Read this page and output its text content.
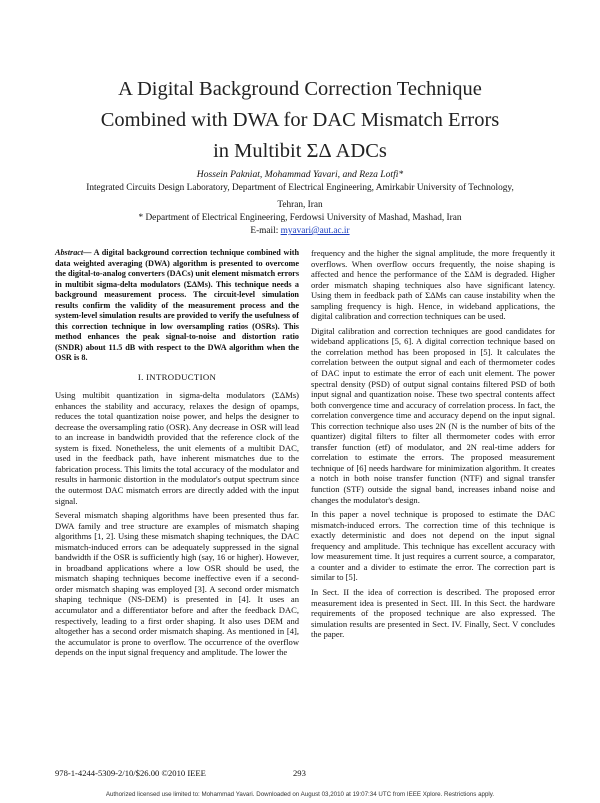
A Digital Background Correction Technique
Combined with DWA for DAC Mismatch Errors
in Multibit ΣΔ ADCs
Hossein Pakniat, Mohammad Yavari, and Reza Lotfi*
Integrated Circuits Design Laboratory, Department of Electrical Engineering, Amirkabir University of Technology,
Tehran, Iran
* Department of Electrical Engineering, Ferdowsi University of Mashad, Mashad, Iran
E-mail: myavari@aut.ac.ir

Abstract— A digital background correction technique combined with data weighted averaging (DWA) algorithm is presented to overcome the digital-to-analog converters (DACs) unit element mismatch errors in multibit sigma-delta modulators (ΣΔMs). This technique needs a background measurement process. The circuit-level simulation results confirm the validity of the measurement process and the system-level simulation results are provided to verify the usefulness of this correction technique in low oversampling ratios (OSRs). This method enhances the peak signal-to-noise and distortion ratio (SNDR) about 11.5 dB with respect to the DWA algorithm when the OSR is 8.

I. INTRODUCTION

Using multibit quantization in sigma-delta modulators (ΣΔMs) enhances the stability and accuracy, relaxes the design of opamps, reduces the total quantization noise power, and helps the designer to decrease the oversampling ratio (OSR). Any decrease in OSR will lead to an increase in bandwidth provided that the reference clock of the system is fixed. Nonetheless, the unit elements of a multibit DAC, used in the feedback path, have inherent mismatches due to the fabrication process. This limits the total accuracy of the modulator and results in harmonic distortion in the modulator's output spectrum since the outermost DAC mismatch errors are directly added with the input signal.

Several mismatch shaping algorithms have been presented thus far. DWA family and tree structure are examples of mismatch shaping algorithms [1, 2]. Using these mismatch shaping techniques, the DAC mismatch-induced errors can be adequately suppressed in the signal bandwidth if the OSR is sufficiently high (say, 16 or higher). However, in broadband applications where a low OSR should be used, the mismatch shaping techniques become ineffective even if a second-order mismatch shaping was employed [3]. A second order mismatch shaping technique (NS-DEM) is presented in [4]. It uses an accumulator and a differentiator before and after the feedback DAC, respectively, leading to a first order shaping. It also uses DEM and altogether has a second order mismatch shaping. As mentioned in [4], the accumulator is prone to overflow. The occurrence of the overflow depends on the input signal frequency and amplitude. The lower the

frequency and the higher the signal amplitude, the more frequently it overflows. When overflow occurs frequently, the noise shaping is affected and hence the performance of the ΣΔM is degraded. Higher order mismatch shaping techniques also have significant latency. Using them in feedback path of ΣΔMs can cause instability when the sampling frequency is high. Hence, in wideband applications, the digital calibration and correction techniques can be used.

Digital calibration and correction techniques are good candidates for wideband applications [5, 6]. A digital correction technique based on the correlation method has been proposed in [5]. It calculates the correlation between the output signal and each of thermometer codes of DAC input to estimate the error of each unit element. The power spectral density (PSD) of output signal contains filtered PSD of both input signal and quantization noise. These two spectral contents affect both convergence time and accuracy of correlation process. In fact, the correlation convergence time and accuracy depend on the input signal. This correction technique also uses 2N (N is the number of bits of the quantizer) digital filters to filter all thermometer codes with error transfer function (etf) of modulator, and 2N real-time adders for correlation to estimate the errors. The proposed measurement technique of [6] needs hardware for minimization algorithm. It creates a notch in both noise transfer function (NTF) and signal transfer function (STF) outside the signal band, increases inband noise and changes the modulator's design.

In this paper a novel technique is proposed to estimate the DAC mismatch-induced errors. The correction time of this technique is exactly deterministic and does not depend on the input signal frequency and amplitude. This technique has excellent accuracy with low measurement time. It just requires a current source, a comparator, a counter and a divider to estimate the error. The correction part is similar to [5].

In Sect. II the idea of correction is described. The proposed error measurement idea is presented in Sect. III. In this Sect. the hardware requirements of the proposed technique are also expressed. The simulation results are presented in Sect. IV. Finally, Sect. V concludes the paper.

978-1-4244-5309-2/10/$26.00 ©2010 IEEE	293
Authorized licensed use limited to: Mohammad Yavari. Downloaded on August 03,2010 at 19:07:34 UTC from IEEE Xplore. Restrictions apply.
